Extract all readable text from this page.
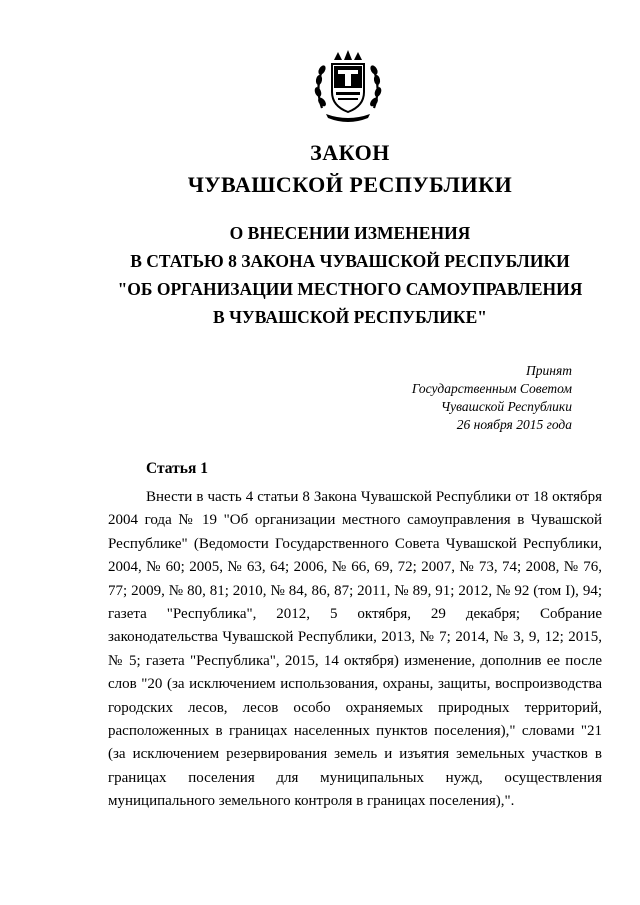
ЗАКОН
ЧУВАШСКОЙ РЕСПУБЛИКИ
О ВНЕСЕНИИ ИЗМЕНЕНИЯ
В СТАТЬЮ 8 ЗАКОНА ЧУВАШСКОЙ РЕСПУБЛИКИ
"ОБ ОРГАНИЗАЦИИ МЕСТНОГО САМОУПРАВЛЕНИЯ
В ЧУВАШСКОЙ РЕСПУБЛИКЕ"
Принят
Государственным Советом
Чувашской Республики
26 ноября 2015 года
Статья 1

Внести в часть 4 статьи 8 Закона Чувашской Республики от 18 октября 2004 года № 19 "Об организации местного самоуправления в Чувашской Республике" (Ведомости Государственного Совета Чувашской Республики, 2004, № 60; 2005, № 63, 64; 2006, № 66, 69, 72; 2007, № 73, 74; 2008, № 76, 77; 2009, № 80, 81; 2010, № 84, 86, 87; 2011, № 89, 91; 2012, № 92 (том I), 94; газета "Республика", 2012, 5 октября, 29 декабря; Собрание законодательства Чувашской Республики, 2013, № 7; 2014, № 3, 9, 12; 2015, № 5; газета "Республика", 2015, 14 октября) изменение, дополнив ее после слов "20 (за исключением использования, охраны, защиты, воспроизводства городских лесов, лесов особо охраняемых природных территорий, расположенных в границах населенных пунктов поселения)," словами "21 (за исключением резервирования земель и изъятия земельных участков в границах поселения для муниципальных нужд, осуществления муниципального земельного контроля в границах поселения),".
